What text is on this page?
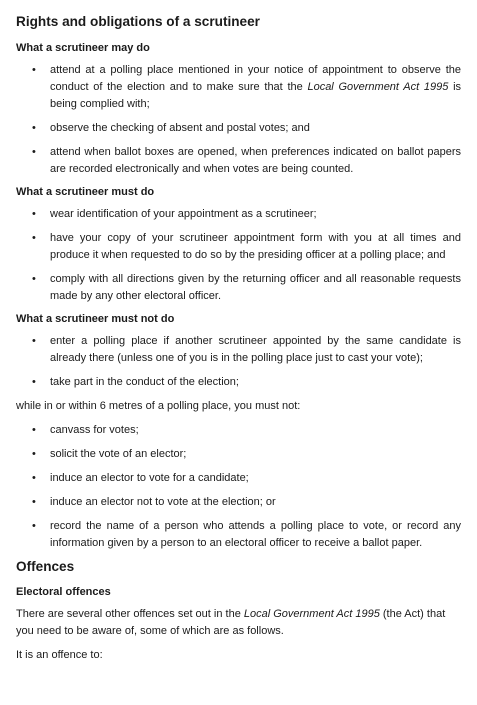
Rights and obligations of a scrutineer
What a scrutineer may do
• attend at a polling place mentioned in your notice of appointment to observe the conduct of the election and to make sure that the Local Government Act 1995 is being complied with;
• observe the checking of absent and postal votes; and
• attend when ballot boxes are opened, when preferences indicated on ballot papers are recorded electronically and when votes are being counted.
What a scrutineer must do
• wear identification of your appointment as a scrutineer;
• have your copy of your scrutineer appointment form with you at all times and produce it when requested to do so by the presiding officer at a polling place; and
• comply with all directions given by the returning officer and all reasonable requests made by any other electoral officer.
What a scrutineer must not do
• enter a polling place if another scrutineer appointed by the same candidate is already there (unless one of you is in the polling place just to cast your vote);
• take part in the conduct of the election;

while in or within 6 metres of a polling place, you must not:

• canvass for votes;
• solicit the vote of an elector;
• induce an elector to vote for a candidate;
• induce an elector not to vote at the election; or
• record the name of a person who attends a polling place to vote, or record any information given by a person to an electoral officer to receive a ballot paper.
Offences
Electoral offences

There are several other offences set out in the Local Government Act 1995 (the Act) that you need to be aware of, some of which are as follows.

It is an offence to:
